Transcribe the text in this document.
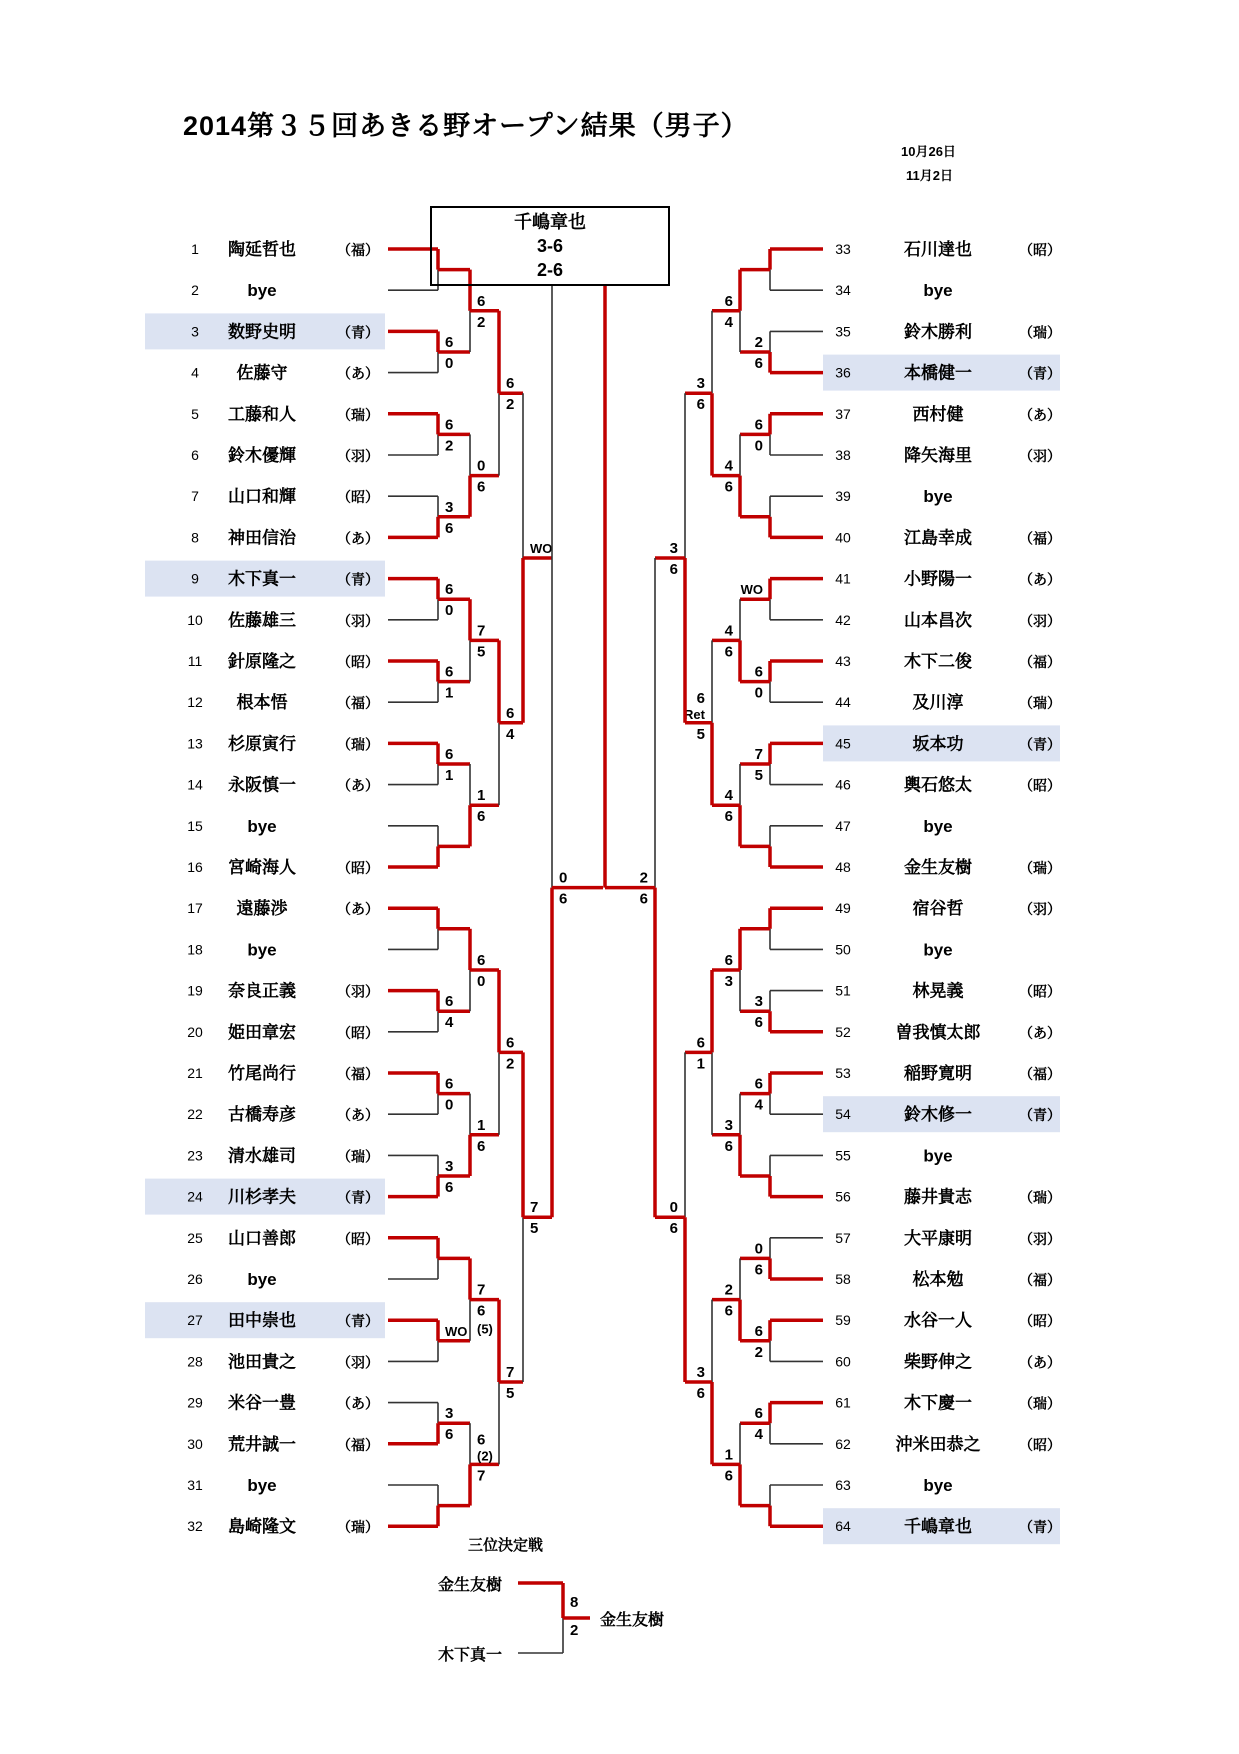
1 陶延哲也	（福）
2	bye
3 数野史明	（青）
4 佐藤守	（あ）
5 工藤和人	（瑞）
6 鈴木優輝	（羽）
7 山口和輝	（昭）
8 神田信治	（あ）
9 木下真一	（青）
10 佐藤雄三	（羽）
11 針原隆之	（昭）
12 根本悟	（福）
13 杉原寅行	（瑞）
14 永阪慎一	（あ）
15	bye
16 宮崎海人	（昭）
17 遠藤渉	（あ）
18	bye
19 奈良正義	（羽）
20 姫田章宏	（昭）
21 竹尾尚行	（福）
22 古橋寿彦	（あ）
23 清水雄司	（瑞）
24 川杉孝夫	（青）
25 山口善郎	（昭）
26	bye
27 田中崇也	（青）
28 池田貴之	（羽）
29 米谷一豊	（あ）
30 荒井誠一	（福）
31	bye
32 島崎隆文	（瑞）
6
0
6
2
3
6
6
0
6
1
6
1
6
4
6
0
3
6
WO
3
6
6
2
0
6
7
5
1
6
6
0
1
6
7
6
(5)
6
(2)
7
6
2
6
4
6
2
7
5
WO
7
5
0
6
33	石川達也	（昭）
34	bye
35	鈴木勝利	（瑞）
36	本橋健一	（青）
37	西村健	（あ）
38	降矢海里	（羽）
39	bye
40	江島幸成	（福）
41	小野陽一	（あ）
42	山本昌次	（羽）
43	木下二俊	（福）
44	及川淳	（瑞）
45	坂本功	（青）
46	輿石悠太	（昭）
47	bye
48	金生友樹	（瑞）
49	宿谷哲	（羽）
50	bye
51	林晃義	（昭）
52	曽我慎太郎	（あ）
53	稲野寛明	（福）
54	鈴木修一	（青）
55	bye
56	藤井貴志	（瑞）
57	大平康明	（羽）
58	松本勉	（福）
59	水谷一人	（昭）
60	柴野伸之	（あ）
61	木下慶一	（瑞）
62	沖米田恭之	（昭）
63	bye
64	千嶋章也	（青）
2
6
6
0
WO
6
0
7
5
3
6
6
4
0
6
6
2
6
4
6
4
4
6
4
6
4
6
6
3
3
6
2
6
1
6
3
6
6
Ret
5
6
1
3
6
3
6
0
6
2
6
2014第３５回あきる野オープン結果（男子）
10月26日
11月2日
千嶋章也
3-6
2-6
三位決定戦
金生友樹
木下真一
8
2
金生友樹
